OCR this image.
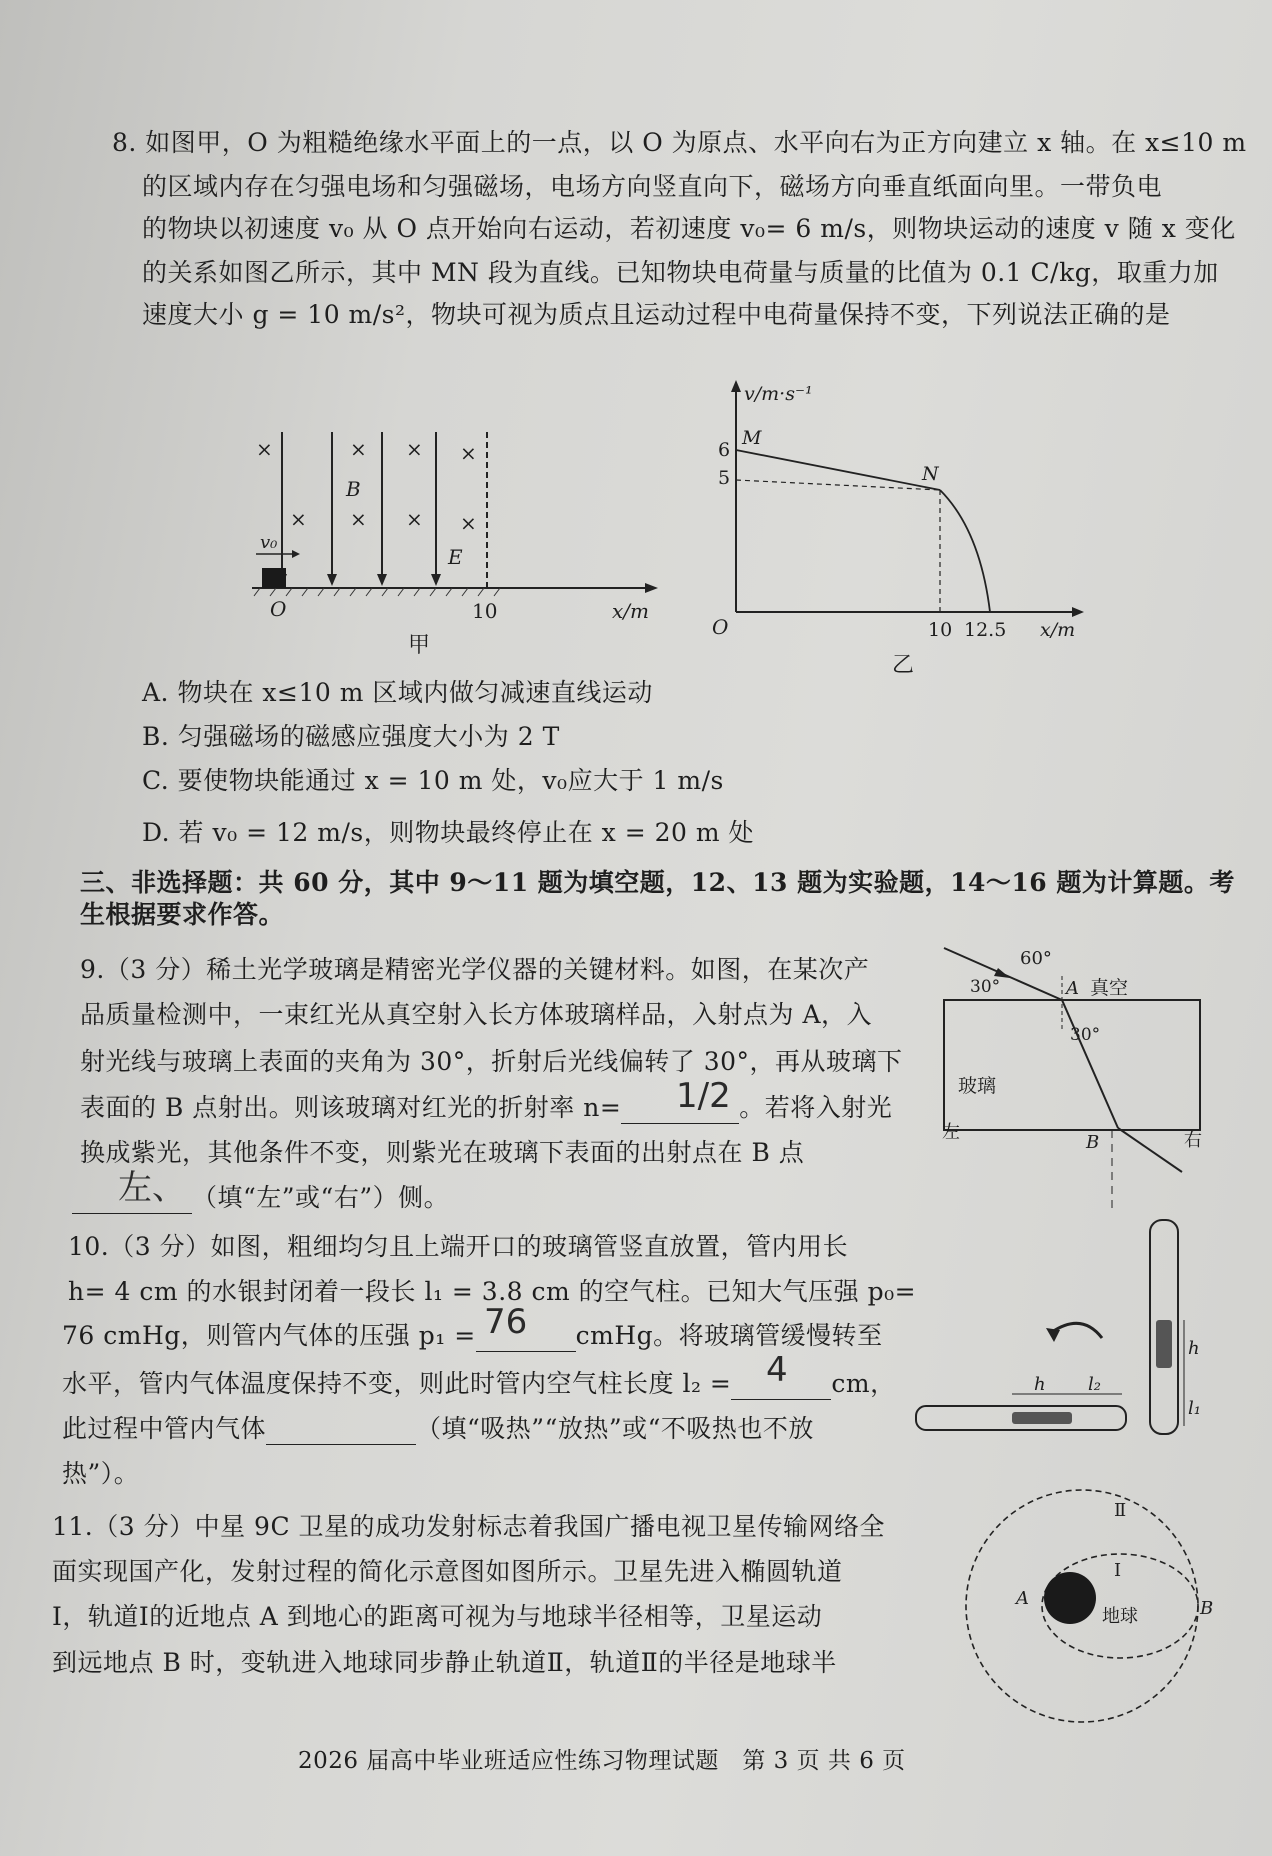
8. 如图甲，O 为粗糙绝缘水平面上的一点，以 O 为原点、水平向右为正方向建立 x 轴。在 x≤10 m
的区域内存在匀强电场和匀强磁场，电场方向竖直向下，磁场方向垂直纸面向里。一带负电
的物块以初速度 v₀ 从 O 点开始向右运动，若初速度 v₀= 6 m/s，则物块运动的速度 v 随 x 变化
的关系如图乙所示，其中 MN 段为直线。已知物块电荷量与质量的比值为 0.1 C/kg，取重力加
速度大小 g = 10 m/s²，物块可视为质点且运动过程中电荷量保持不变，下列说法正确的是
×	× × ×
× × ×
×
B
E
v₀
O	10	x/m
甲
v/m·s⁻¹
O
6
5
M
N
10 12.5 x/m
乙
A. 物块在 x≤10 m 区域内做匀减速直线运动
B. 匀强磁场的磁感应强度大小为 2 T
C. 要使物块能通过 x = 10 m 处，v₀应大于 1 m/s
D. 若 v₀ = 12 m/s，则物块最终停止在 x = 20 m 处
三、非选择题：共 60 分，其中 9～11 题为填空题，12、13 题为实验题，14～16 题为计算题。考
生根据要求作答。
9.（3 分）稀土光学玻璃是精密光学仪器的关键材料。如图，在某次产
品质量检测中，一束红光从真空射入长方体玻璃样品，入射点为 A，入
射光线与玻璃上表面的夹角为 30°，折射后光线偏转了 30°，再从玻璃下
表面的 B 点射出。则该玻璃对红光的折射率 n=	。若将入射光
1/2
换成紫光，其他条件不变，则紫光在玻璃下表面的出射点在 B 点
（填“左”或“右”）侧。
左、
30°
30°
60°
A 真空
玻璃
左	B	右
10.（3 分）如图，粗细均匀且上端开口的玻璃管竖直放置，管内用长
h= 4 cm 的水银封闭着一段长 l₁ = 3.8 cm 的空气柱。已知大气压强 p₀=
76 cmHg，则管内气体的压强 p₁ =	cmHg。将玻璃管缓慢转至
76
水平，管内气体温度保持不变，则此时管内空气柱长度 l₂ =	cm，
4
此过程中管内气体	（填“吸热”“放热”或“不吸热也不放
热”）。
h
l₁
h l₂
11.（3 分）中星 9C 卫星的成功发射标志着我国广播电视卫星传输网络全
面实现国产化，发射过程的简化示意图如图所示。卫星先进入椭圆轨道
Ⅰ，轨道Ⅰ的近地点 A 到地心的距离可视为与地球半径相等，卫星运动
到远地点 B 时，变轨进入地球同步静止轨道Ⅱ，轨道Ⅱ的半径是地球半
Ⅱ
Ⅰ
A	B
地球
2026 届高中毕业班适应性练习物理试题　第 3 页 共 6 页
